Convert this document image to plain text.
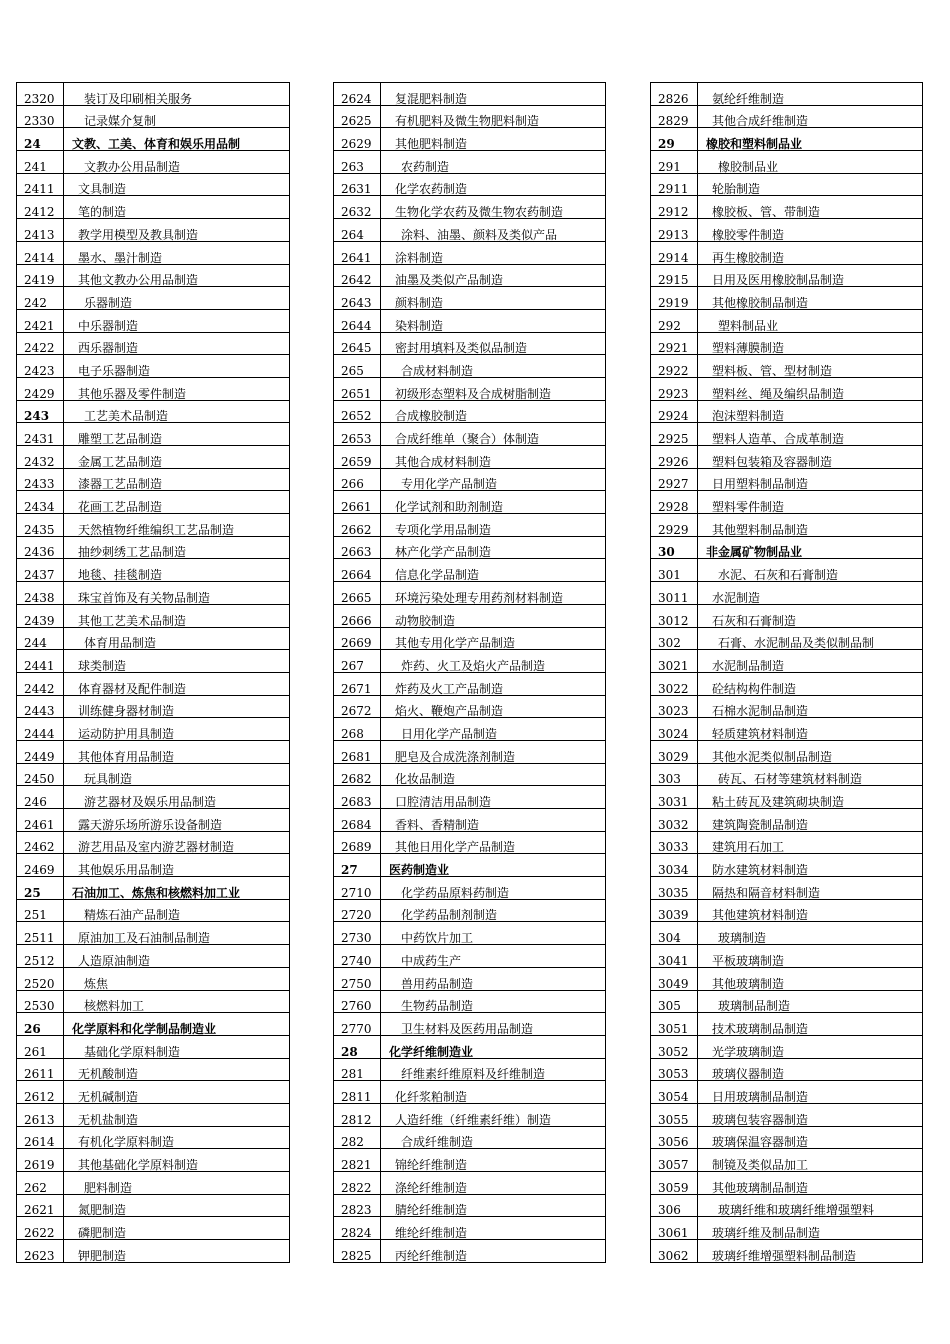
2320	装订及印刷相关服务
2330	记录媒介复制
24	文教、工美、体育和娱乐用品制
241	文教办公用品制造
2411	文具制造
2412	笔的制造
2413	教学用模型及教具制造
2414	墨水、墨汁制造
2419	其他文教办公用品制造
242	乐器制造
2421	中乐器制造
2422	西乐器制造
2423	电子乐器制造
2429	其他乐器及零件制造
243	工艺美术品制造
2431	雕塑工艺品制造
2432	金属工艺品制造
2433	漆器工艺品制造
2434	花画工艺品制造
2435	天然植物纤维编织工艺品制造
2436	抽纱刺绣工艺品制造
2437	地毯、挂毯制造
2438	珠宝首饰及有关物品制造
2439	其他工艺美术品制造
244	体育用品制造
2441	球类制造
2442	体育器材及配件制造
2443	训练健身器材制造
2444	运动防护用具制造
2449	其他体育用品制造
2450	玩具制造
246	游艺器材及娱乐用品制造
2461	露天游乐场所游乐设备制造
2462	游艺用品及室内游艺器材制造
2469	其他娱乐用品制造
25	石油加工、炼焦和核燃料加工业
251	精炼石油产品制造
2511	原油加工及石油制品制造
2512	人造原油制造
2520	炼焦
2530	核燃料加工
26	化学原料和化学制品制造业
261	基础化学原料制造
2611	无机酸制造
2612	无机碱制造
2613	无机盐制造
2614	有机化学原料制造
2619	其他基础化学原料制造
262	肥料制造
2621	氮肥制造
2622	磷肥制造
2623	钾肥制造
2624	复混肥料制造
2625	有机肥料及微生物肥料制造
2629	其他肥料制造
263	农药制造
2631	化学农药制造
2632	生物化学农药及微生物农药制造
264	涂料、油墨、颜料及类似产品
2641	涂料制造
2642	油墨及类似产品制造
2643	颜料制造
2644	染料制造
2645	密封用填料及类似品制造
265	合成材料制造
2651	初级形态塑料及合成树脂制造
2652	合成橡胶制造
2653	合成纤维单（聚合）体制造
2659	其他合成材料制造
266	专用化学产品制造
2661	化学试剂和助剂制造
2662	专项化学用品制造
2663	林产化学产品制造
2664	信息化学品制造
2665	环境污染处理专用药剂材料制造
2666	动物胶制造
2669	其他专用化学产品制造
267	炸药、火工及焰火产品制造
2671	炸药及火工产品制造
2672	焰火、鞭炮产品制造
268	日用化学产品制造
2681	肥皂及合成洗涤剂制造
2682	化妆品制造
2683	口腔清洁用品制造
2684	香料、香精制造
2689	其他日用化学产品制造
27	医药制造业
2710	化学药品原料药制造
2720	化学药品制剂制造
2730	中药饮片加工
2740	中成药生产
2750	兽用药品制造
2760	生物药品制造
2770	卫生材料及医药用品制造
28	化学纤维制造业
281	纤维素纤维原料及纤维制造
2811	化纤浆粕制造
2812	人造纤维（纤维素纤维）制造
282	合成纤维制造
2821	锦纶纤维制造
2822	涤纶纤维制造
2823	腈纶纤维制造
2824	维纶纤维制造
2825	丙纶纤维制造
2826	氨纶纤维制造
2829	其他合成纤维制造
29	橡胶和塑料制品业
291	橡胶制品业
2911	轮胎制造
2912	橡胶板、管、带制造
2913	橡胶零件制造
2914	再生橡胶制造
2915	日用及医用橡胶制品制造
2919	其他橡胶制品制造
292	塑料制品业
2921	塑料薄膜制造
2922	塑料板、管、型材制造
2923	塑料丝、绳及编织品制造
2924	泡沫塑料制造
2925	塑料人造革、合成革制造
2926	塑料包装箱及容器制造
2927	日用塑料制品制造
2928	塑料零件制造
2929	其他塑料制品制造
30	非金属矿物制品业
301	水泥、石灰和石膏制造
3011	水泥制造
3012	石灰和石膏制造
302	石膏、水泥制品及类似制品制
3021	水泥制品制造
3022	砼结构构件制造
3023	石棉水泥制品制造
3024	轻质建筑材料制造
3029	其他水泥类似制品制造
303	砖瓦、石材等建筑材料制造
3031	粘土砖瓦及建筑砌块制造
3032	建筑陶瓷制品制造
3033	建筑用石加工
3034	防水建筑材料制造
3035	隔热和隔音材料制造
3039	其他建筑材料制造
304	玻璃制造
3041	平板玻璃制造
3049	其他玻璃制造
305	玻璃制品制造
3051	技术玻璃制品制造
3052	光学玻璃制造
3053	玻璃仪器制造
3054	日用玻璃制品制造
3055	玻璃包装容器制造
3056	玻璃保温容器制造
3057	制镜及类似品加工
3059	其他玻璃制品制造
306	玻璃纤维和玻璃纤维增强塑料
3061	玻璃纤维及制品制造
3062	玻璃纤维增强塑料制品制造
